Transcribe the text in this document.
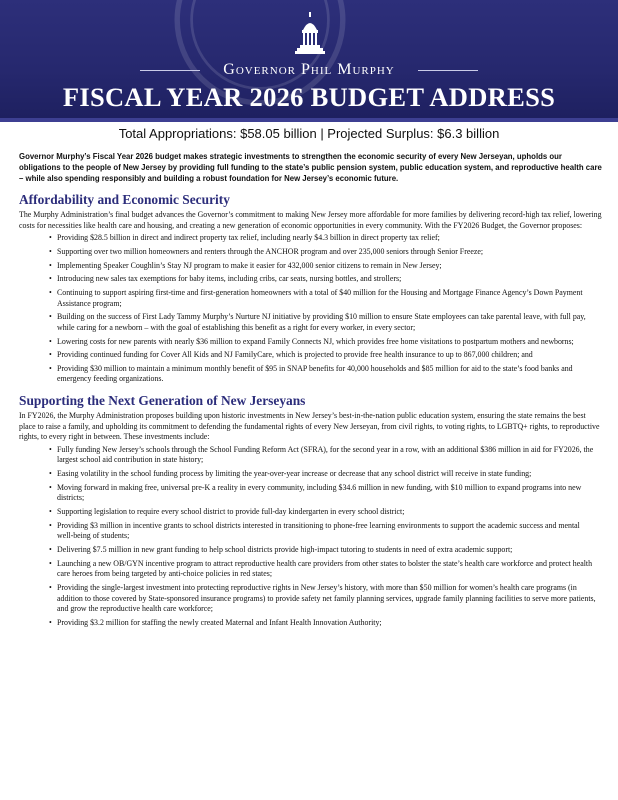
Governor Phil Murphy
FISCAL YEAR 2026 BUDGET ADDRESS
Total Appropriations: $58.05 billion | Projected Surplus: $6.3 billion

Governor Murphy’s Fiscal Year 2026 budget makes strategic investments to strengthen the economic security of every New Jerseyan, upholds our obligations to the people of New Jersey by providing full funding to the state’s public pension system, public education system, and reproductive health care – while also spending responsibly and building a robust foundation for New Jersey’s economic future.

Affordability and Economic Security

The Murphy Administration’s final budget advances the Governor’s commitment to making New Jersey more affordable for more families by delivering record-high tax relief, lowering costs for necessities like health care and housing, and creating a new generation of economic opportunities in every community. With the FY2026 Budget, the Governor proposes:

• Providing $28.5 billion in direct and indirect property tax relief, including nearly $4.3 billion in direct property tax relief;
• Supporting over two million homeowners and renters through the ANCHOR program and over 235,000 seniors through Senior Freeze;
• Implementing Speaker Coughlin’s Stay NJ program to make it easier for 432,000 senior citizens to remain in New Jersey;
• Introducing new sales tax exemptions for baby items, including cribs, car seats, nursing bottles, and strollers;
• Continuing to support aspiring first-time and first-generation homeowners with a total of $40 million for the Housing and Mortgage Finance Agency’s Down Payment Assistance program;
• Building on the success of First Lady Tammy Murphy’s Nurture NJ initiative by providing $10 million to ensure State employees can take parental leave, with full pay, while caring for a newborn – with the goal of establishing this benefit as a right for every worker, in every sector;
• Lowering costs for new parents with nearly $36 million to expand Family Connects NJ, which provides free home visitations to postpartum mothers and newborns;
• Providing continued funding for Cover All Kids and NJ FamilyCare, which is projected to provide free health insurance to up to 867,000 children; and
• Providing $30 million to maintain a minimum monthly benefit of $95 in SNAP benefits for 40,000 households and $85 million for aid to the state’s food banks and emergency feeding organizations.
Supporting the Next Generation of New Jerseyans

In FY2026, the Murphy Administration proposes building upon historic investments in New Jersey’s best-in-the-nation public education system, ensuring the state remains the best place to raise a family, and upholding its commitment to defending the fundamental rights of every New Jerseyan, from civil rights, to voting rights, to LGBTQ+ rights, to reproductive rights, to every right in between. These investments include:

• Fully funding New Jersey’s schools through the School Funding Reform Act (SFRA), for the second year in a row, with an additional $386 million in aid for FY2026, the largest school aid contribution in state history;
• Easing volatility in the school funding process by limiting the year-over-year increase or decrease that any school district will receive in state funding;
• Moving forward in making free, universal pre-K a reality in every community, including $34.6 million in new funding, with $10 million to expand programs into new districts;
• Supporting legislation to require every school district to provide full-day kindergarten in every school district;
• Providing $3 million in incentive grants to school districts interested in transitioning to phone-free learning environments to support the academic success and mental well-being of students;
• Delivering $7.5 million in new grant funding to help school districts provide high-impact tutoring to students in need of extra academic support;
• Launching a new OB/GYN incentive program to attract reproductive health care providers from other states to bolster the state’s health care workforce and protect health care heroes from being targeted by anti-choice policies in red states;
• Providing the single-largest investment into protecting reproductive rights in New Jersey’s history, with more than $50 million for women’s health care programs (in addition to those covered by State-sponsored insurance programs) to provide safety net family planning services, upgrade family planning facilities to serve more patients, and grow the reproductive health care workforce;
• Providing $3.2 million for staffing the newly created Maternal and Infant Health Innovation Authority;
